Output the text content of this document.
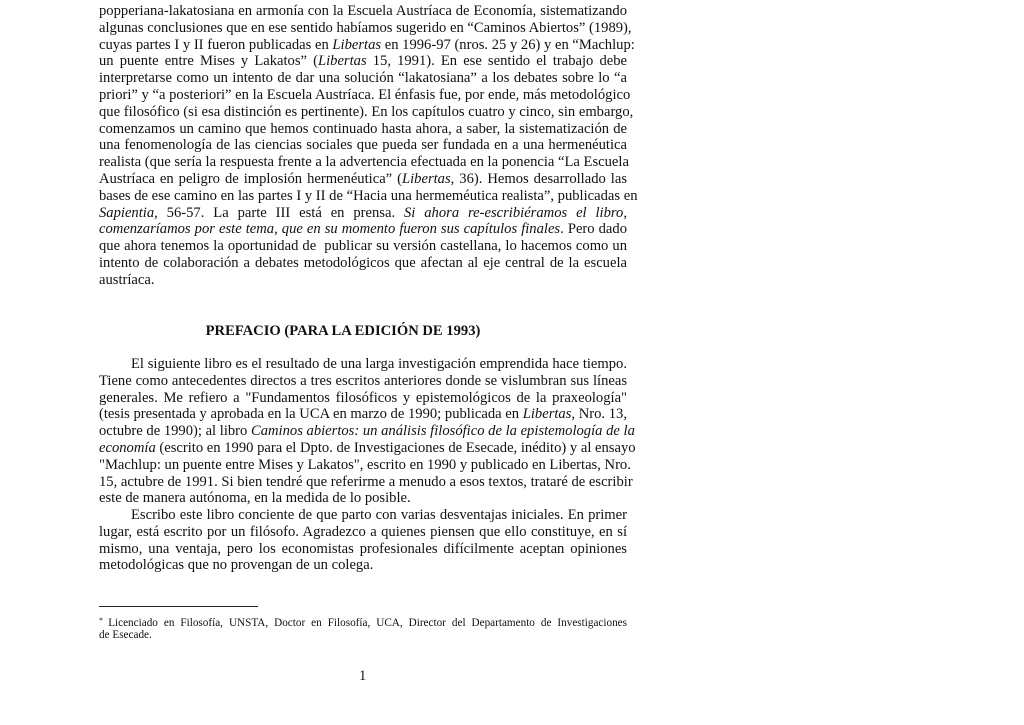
popperiana-lakatosiana en armonía con la Escuela Austríaca de Economía, sistematizando
algunas conclusiones que en ese sentido habíamos sugerido en “Caminos Abiertos” (1989),
cuyas partes I y II fueron publicadas en Libertas en 1996-97 (nros. 25 y 26) y en “Machlup:
un puente entre Mises y Lakatos” (Libertas 15, 1991). En ese sentido el trabajo debe
interpretarse como un intento de dar una solución “lakatosiana” a los debates sobre lo “a
priori” y “a posteriori” en la Escuela Austríaca. El énfasis fue, por ende, más metodológico
que filosófico (si esa distinción es pertinente). En los capítulos cuatro y cinco, sin embargo,
comenzamos un camino que hemos continuado hasta ahora, a saber, la sistematización de
una fenomenología de las ciencias sociales que pueda ser fundada en a una hermenéutica
realista (que sería la respuesta frente a la advertencia efectuada en la ponencia “La Escuela
Austríaca en peligro de implosión hermenéutica” (Libertas, 36). Hemos desarrollado las
bases de ese camino en las partes I y II de “Hacia una hermeméutica realista”, publicadas en
Sapientia, 56-57. La parte III está en prensa. Si ahora re-escribiéramos el libro,
comenzaríamos por este tema, que en su momento fueron sus capítulos finales. Pero dado
que ahora tenemos la oportunidad de  publicar su versión castellana, lo hacemos como un
intento de colaboración a debates metodológicos que afectan al eje central de la escuela
austríaca.
PREFACIO (PARA LA EDICIÓN DE 1993)
El siguiente libro es el resultado de una larga investigación emprendida hace tiempo.
Tiene como antecedentes directos a tres escritos anteriores donde se vislumbran sus líneas
generales. Me refiero a "Fundamentos filosóficos y epistemológicos de la praxeología"
(tesis presentada y aprobada en la UCA en marzo de 1990; publicada en Libertas, Nro. 13,
octubre de 1990); al libro Caminos abiertos: un análisis filosófico de la epistemología de la
economía (escrito en 1990 para el Dpto. de Investigaciones de Esecade, inédito) y al ensayo
"Machlup: un puente entre Mises y Lakatos", escrito en 1990 y publicado en Libertas, Nro.
15, actubre de 1991. Si bien tendré que referirme a menudo a esos textos, trataré de escribir
este de manera autónoma, en la medida de lo posible.
Escribo este libro conciente de que parto con varias desventajas iniciales. En primer
lugar, está escrito por un filósofo. Agradezco a quienes piensen que ello constituye, en sí
mismo, una ventaja, pero los economistas profesionales difícilmente aceptan opiniones
metodológicas que no provengan de un colega.
* Licenciado en Filosofía, UNSTA, Doctor en Filosofía, UCA, Director del Departamento de Investigaciones
de Esecade.
1
